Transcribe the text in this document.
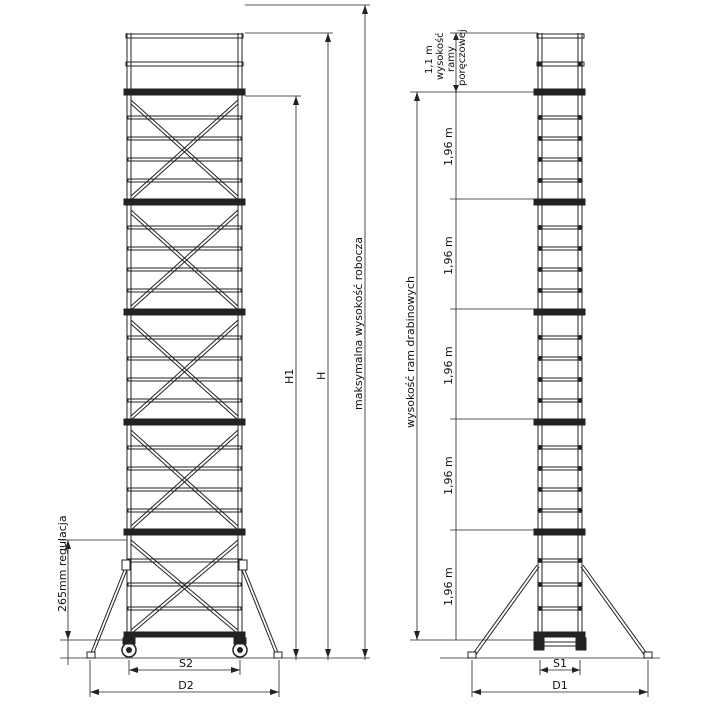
maksymalna wysokość robocza
H
H1
265mm regulacja
S2
D2
1,1 m wysokość ramy poręczowej
wysokość ram drabinowych
1,96 m
1,96 m
1,96 m
1,96 m
1,96 m
S1
D1
